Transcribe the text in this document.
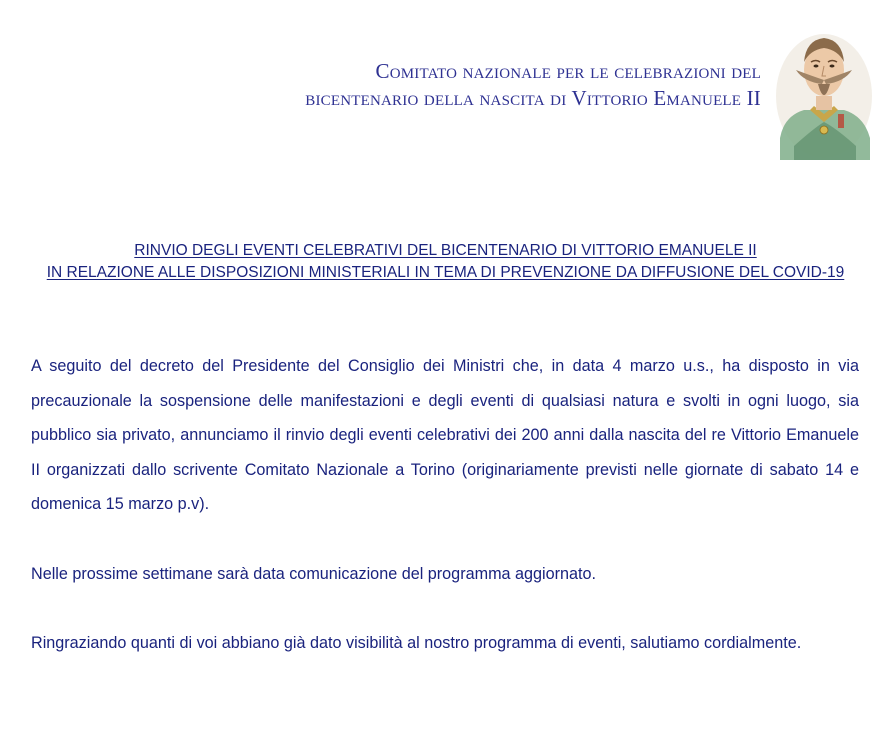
Comitato nazionale per le celebrazioni del
bicentenario della nascita di Vittorio Emanuele II
RINVIO DEGLI EVENTI CELEBRATIVI DEL BICENTENARIO DI VITTORIO EMANUELE II
IN RELAZIONE ALLE DISPOSIZIONI MINISTERIALI IN TEMA DI PREVENZIONE DA DIFFUSIONE DEL COVID-19
A seguito del decreto del Presidente del Consiglio dei Ministri che, in data 4 marzo u.s., ha disposto in via precauzionale la sospensione delle manifestazioni e degli eventi di qualsiasi natura e svolti in ogni luogo, sia pubblico sia privato, annunciamo il rinvio degli eventi celebrativi dei 200 anni dalla nascita del re Vittorio Emanuele II organizzati dallo scrivente Comitato Nazionale a Torino (originariamente previsti nelle giornate di sabato 14 e domenica 15 marzo p.v).
Nelle prossime settimane sarà data comunicazione del programma aggiornato.
Ringraziando quanti di voi abbiano già dato visibilità al nostro programma di eventi, salutiamo cordialmente.
